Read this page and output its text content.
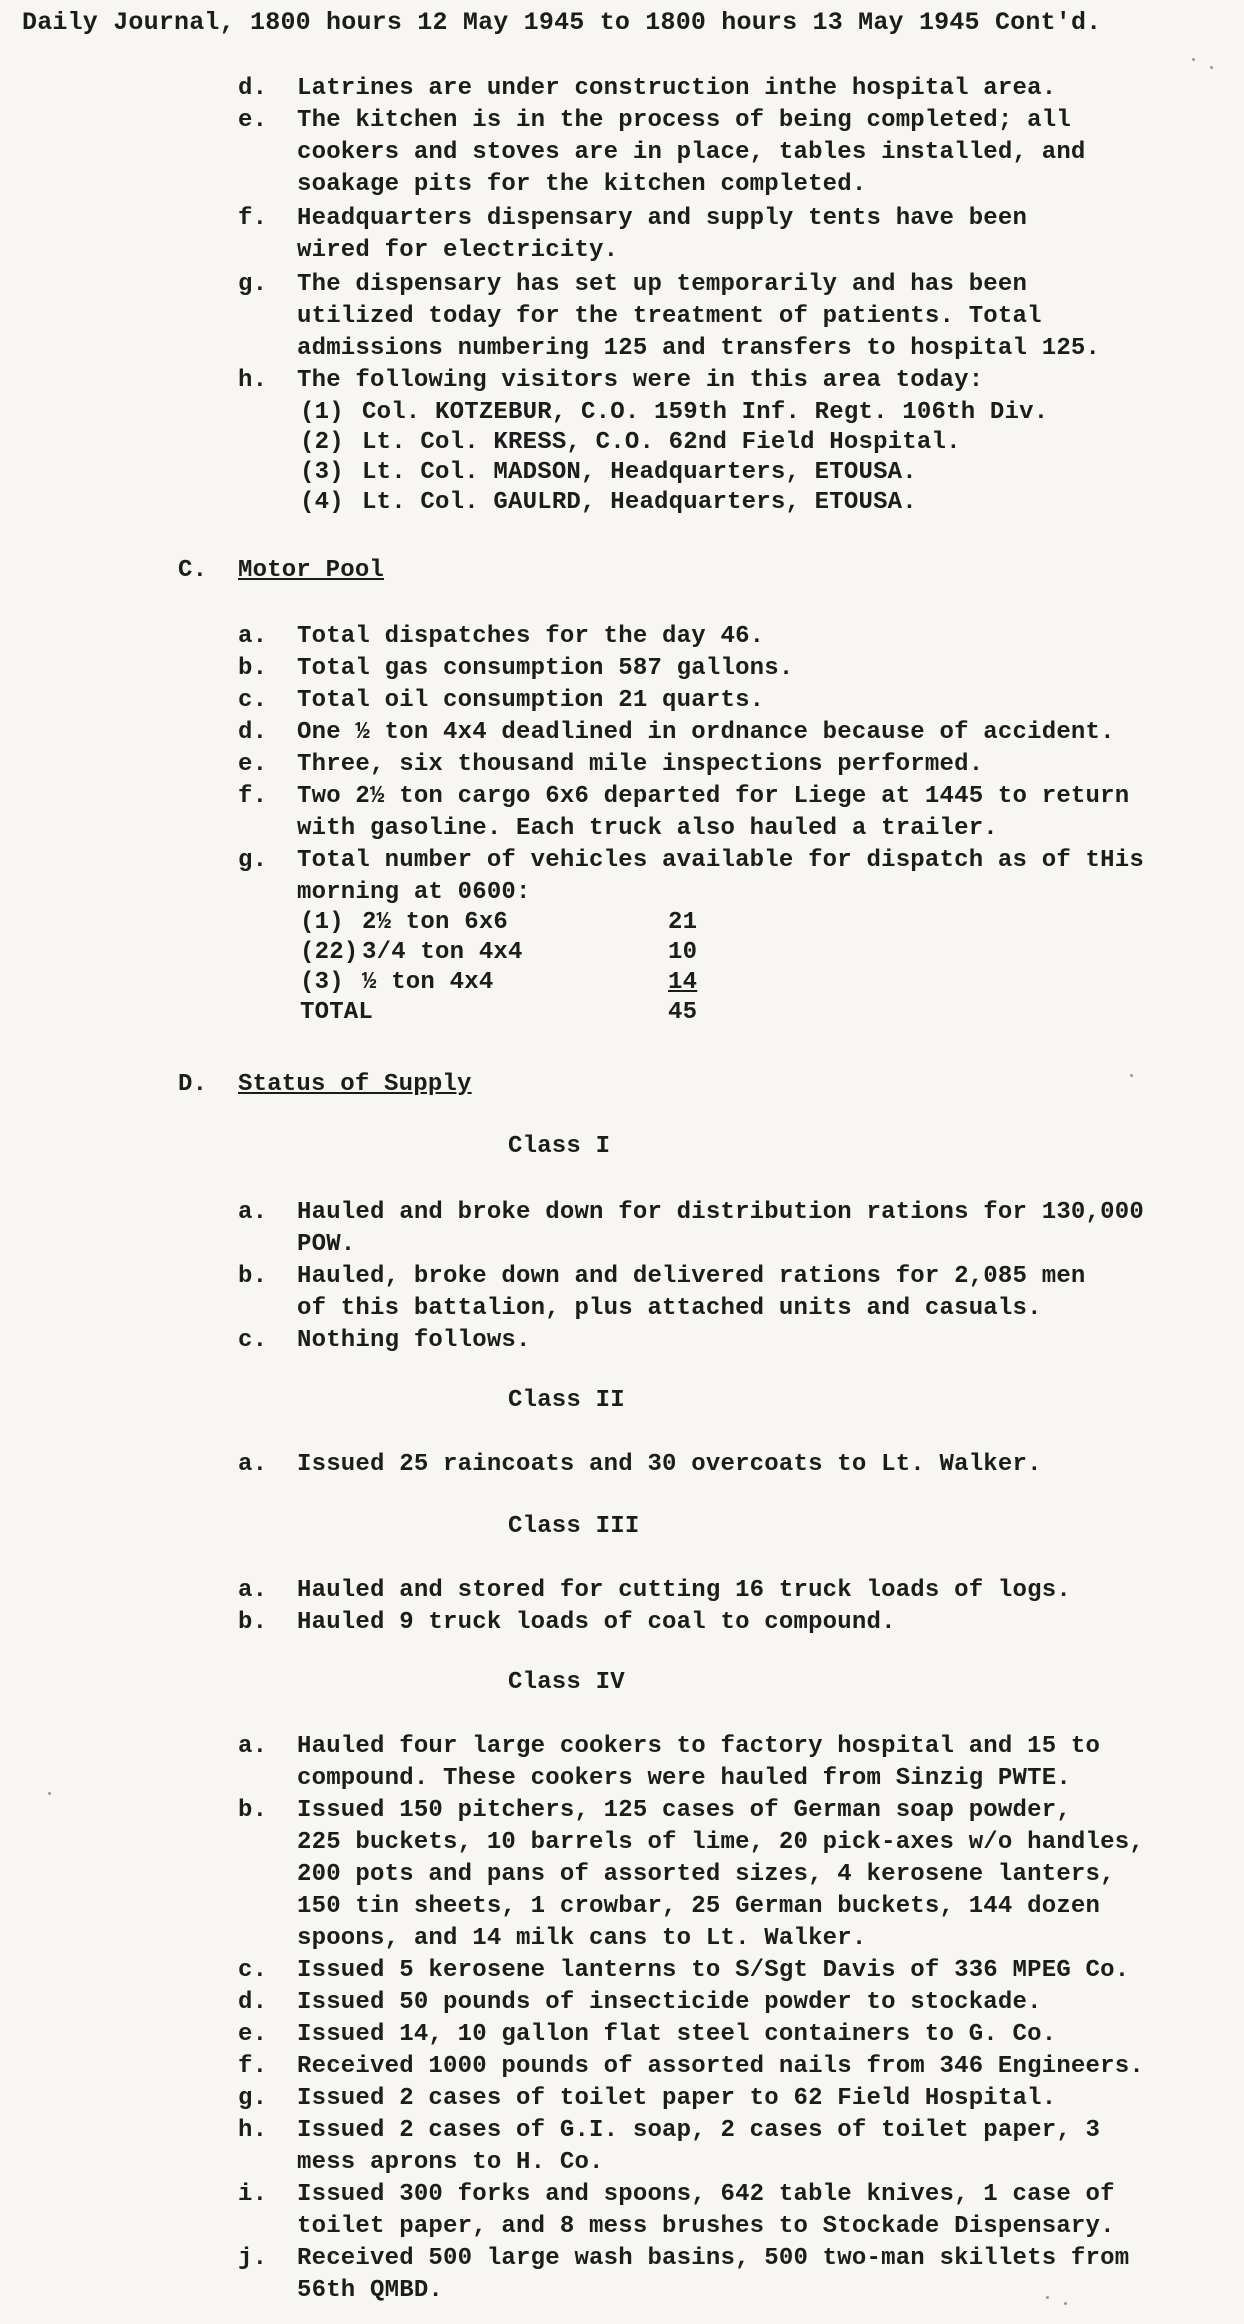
Daily Journal, 1800 hours 12 May 1945 to 1800 hours 13 May 1945 Cont'd.
d. Latrines are under construction inthe hospital area.
e. The kitchen is in the process of being completed; all
cookers and stoves are in place, tables installed, and
soakage pits for the kitchen completed.
f. Headquarters dispensary and supply tents have been
wired for electricity.
g. The dispensary has set up temporarily and has been
utilized today for the treatment of patients. Total
admissions numbering 125 and transfers to hospital 125.
h. The following visitors were in this area today:
(1) Col. KOTZEBUR, C.O. 159th Inf. Regt. 106th Div.
(2) Lt. Col. KRESS, C.O. 62nd Field Hospital.
(3) Lt. Col. MADSON, Headquarters, ETOUSA.
(4) Lt. Col. GAULRD, Headquarters, ETOUSA.
C. Motor Pool
a. Total dispatches for the day 46.
b. Total gas consumption 587 gallons.
c. Total oil consumption 21 quarts.
d. One ½ ton 4x4 deadlined in ordnance because of accident.
e. Three, six thousand mile inspections performed.
f. Two 2½ ton cargo 6x6 departed for Liege at 1445 to return
with gasoline. Each truck also hauled a trailer.
g. Total number of vehicles available for dispatch as of tHis
morning at 0600:
(1) 2½ ton 6x6	21
(22) 3/4 ton 4x4	10
(3) ½ ton 4x4	14
TOTAL	45
D. Status of Supply
Class I
a. Hauled and broke down for distribution rations for 130,000
POW.
b. Hauled, broke down and delivered rations for 2,085 men
of this battalion, plus attached units and casuals.
c. Nothing follows.
Class II
a. Issued 25 raincoats and 30 overcoats to Lt. Walker.
Class III
a. Hauled and stored for cutting 16 truck loads of logs.
b. Hauled 9 truck loads of coal to compound.
Class IV
a. Hauled four large cookers to factory hospital and 15 to
compound. These cookers were hauled from Sinzig PWTE.
b. Issued 150 pitchers, 125 cases of German soap powder,
225 buckets, 10 barrels of lime, 20 pick-axes w/o handles,
200 pots and pans of assorted sizes, 4 kerosene lanters,
150 tin sheets, 1 crowbar, 25 German buckets, 144 dozen
spoons, and 14 milk cans to Lt. Walker.
c. Issued 5 kerosene lanterns to S/Sgt Davis of 336 MPEG Co.
d. Issued 50 pounds of insecticide powder to stockade.
e. Issued 14, 10 gallon flat steel containers to G. Co.
f. Received 1000 pounds of assorted nails from 346 Engineers.
g. Issued 2 cases of toilet paper to 62 Field Hospital.
h. Issued 2 cases of G.I. soap, 2 cases of toilet paper, 3
mess aprons to H. Co.
i. Issued 300 forks and spoons, 642 table knives, 1 case of
toilet paper, and 8 mess brushes to Stockade Dispensary.
j. Received 500 large wash basins, 500 two-man skillets from
56th QMBD.
